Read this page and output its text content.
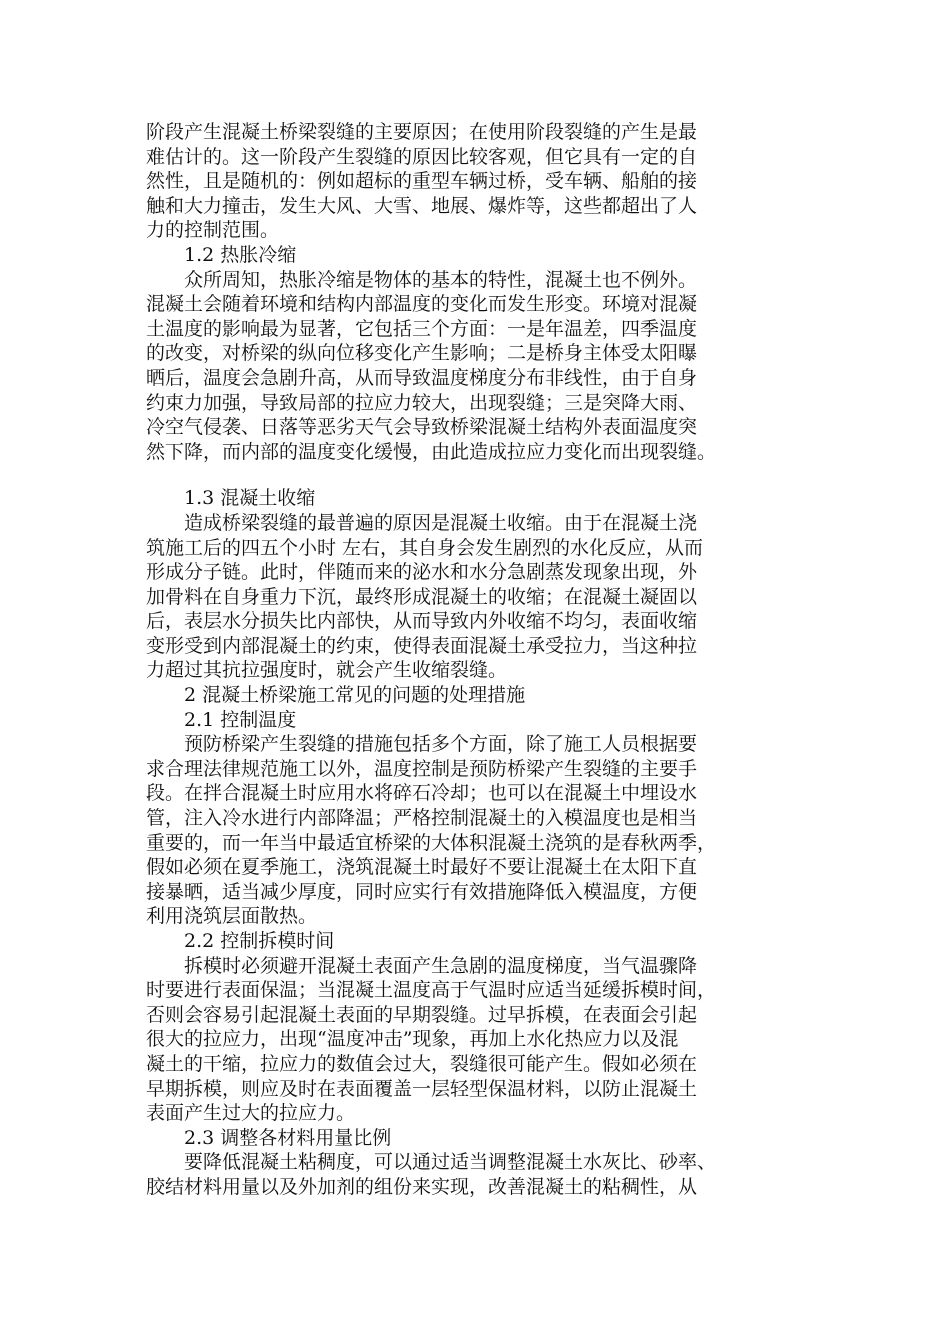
阶段产生混凝土桥梁裂缝的主要原因；在使用阶段裂缝的产生是最
难估计的。这一阶段产生裂缝的原因比较客观，但它具有一定的自
然性，且是随机的：例如超标的重型车辆过桥，受车辆、船舶的接
触和大力撞击，发生大风、大雪、地展、爆炸等，这些都超出了人
力的控制范围。
1.2 热胀冷缩
众所周知，热胀冷缩是物体的基本的特性，混凝土也不例外。
混凝土会随着环境和结构内部温度的变化而发生形变。环境对混凝
土温度的影响最为显著，它包括三个方面：一是年温差，四季温度
的改变，对桥梁的纵向位移变化产生影响；二是桥身主体受太阳曝
晒后，温度会急剧升高，从而导致温度梯度分布非线性，由于自身
约束力加强，导致局部的拉应力较大，出现裂缝；三是突降大雨、
冷空气侵袭、日落等恶劣天气会导致桥梁混凝土结构外表面温度突
然下降，而内部的温度变化缓慢，由此造成拉应力变化而出现裂缝。
1.3 混凝土收缩
造成桥梁裂缝的最普遍的原因是混凝土收缩。由于在混凝土浇
筑施工后的四五个小时 左右，其自身会发生剧烈的水化反应，从而
形成分子链。此时，伴随而来的泌水和水分急剧蒸发现象出现，外
加骨料在自身重力下沉，最终形成混凝土的收缩；在混凝土凝固以
后，表层水分损失比内部快，从而导致内外收缩不均匀，表面收缩
变形受到内部混凝土的约束，使得表面混凝土承受拉力，当这种拉
力超过其抗拉强度时，就会产生收缩裂缝。
2 混凝土桥梁施工常见的问题的处理措施
2.1 控制温度
预防桥梁产生裂缝的措施包括多个方面，除了施工人员根据要
求合理法律规范施工以外，温度控制是预防桥梁产生裂缝的主要手
段。在拌合混凝土时应用水将碎石冷却；也可以在混凝土中埋设水
管，注入冷水进行内部降温；严格控制混凝土的入模温度也是相当
重要的，而一年当中最适宜桥梁的大体积混凝土浇筑的是春秋两季，
假如必须在夏季施工，浇筑混凝土时最好不要让混凝土在太阳下直
接暴晒，适当减少厚度，同时应实行有效措施降低入模温度，方便
利用浇筑层面散热。
2.2 控制拆模时间
拆模时必须避开混凝土表面产生急剧的温度梯度，当气温骤降
时要进行表面保温；当混凝土温度高于气温时应适当延缓拆模时间，
否则会容易引起混凝土表面的早期裂缝。过早拆模，在表面会引起
很大的拉应力，出现“温度冲击”现象，再加上水化热应力以及混
凝土的干缩，拉应力的数值会过大，裂缝很可能产生。假如必须在
早期拆模，则应及时在表面覆盖一层轻型保温材料，以防止混凝土
表面产生过大的拉应力。
2.3 调整各材料用量比例
要降低混凝土粘稠度，可以通过适当调整混凝土水灰比、砂率、
胶结材料用量以及外加剂的组份来实现，改善混凝土的粘稠性，从
